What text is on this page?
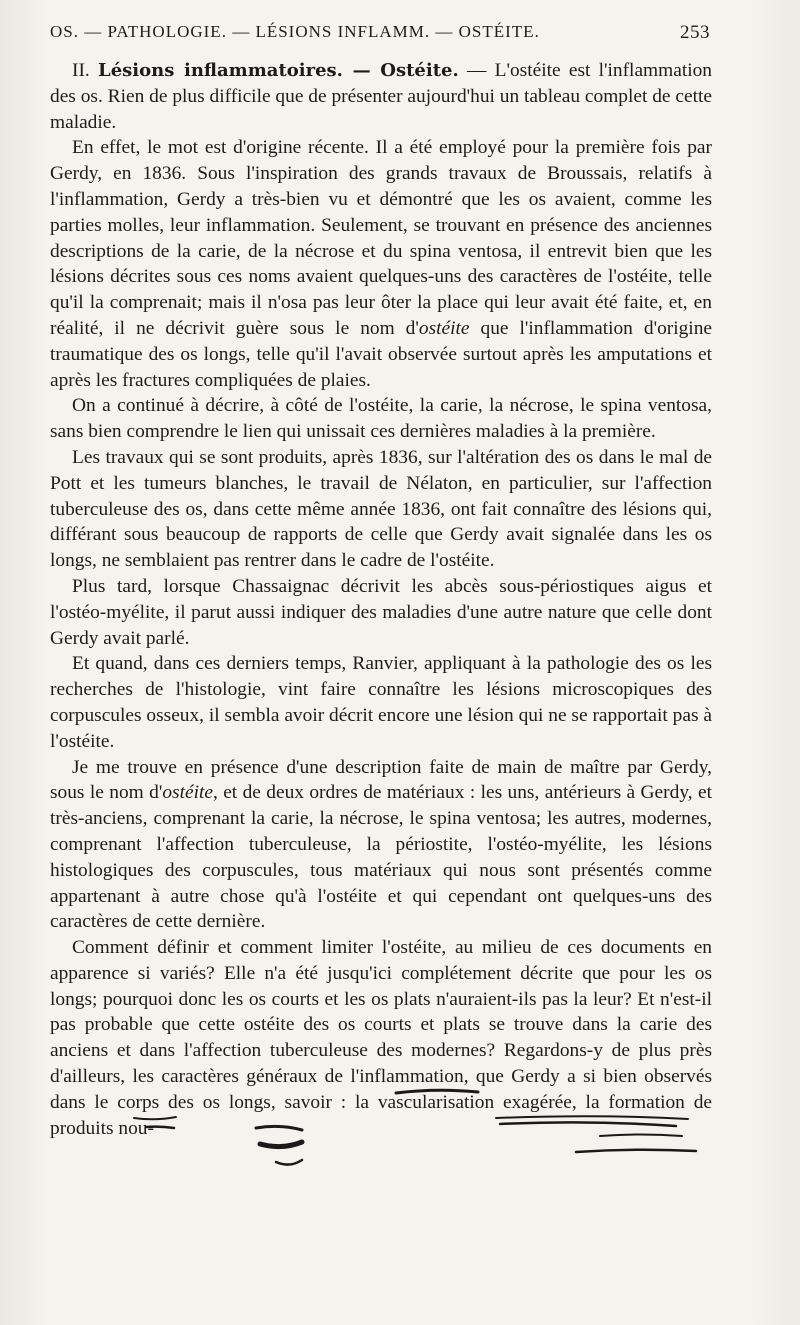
OS. — PATHOLOGIE. — LÉSIONS INFLAMM. — OSTÉITE.	253

II. Lésions inflammatoires. — Ostéite. — L'ostéite est l'inflammation des os. Rien de plus difficile que de présenter aujourd'hui un tableau complet de cette maladie.

En effet, le mot est d'origine récente. Il a été employé pour la première fois par Gerdy, en 1836. Sous l'inspiration des grands travaux de Broussais, relatifs à l'inflammation, Gerdy a très-bien vu et démontré que les os avaient, comme les parties molles, leur inflammation. Seulement, se trouvant en présence des anciennes descriptions de la carie, de la nécrose et du spina ventosa, il entrevit bien que les lésions décrites sous ces noms avaient quelques-uns des caractères de l'ostéite, telle qu'il la comprenait; mais il n'osa pas leur ôter la place qui leur avait été faite, et, en réalité, il ne décrivit guère sous le nom d'ostéite que l'inflammation d'origine traumatique des os longs, telle qu'il l'avait observée surtout après les amputations et après les fractures compliquées de plaies.

On a continué à décrire, à côté de l'ostéite, la carie, la nécrose, le spina ventosa, sans bien comprendre le lien qui unissait ces dernières maladies à la première.

Les travaux qui se sont produits, après 1836, sur l'altération des os dans le mal de Pott et les tumeurs blanches, le travail de Nélaton, en particulier, sur l'affection tuberculeuse des os, dans cette même année 1836, ont fait connaître des lésions qui, différant sous beaucoup de rapports de celle que Gerdy avait signalée dans les os longs, ne semblaient pas rentrer dans le cadre de l'ostéite.

Plus tard, lorsque Chassaignac décrivit les abcès sous-périostiques aigus et l'ostéo-myélite, il parut aussi indiquer des maladies d'une autre nature que celle dont Gerdy avait parlé.

Et quand, dans ces derniers temps, Ranvier, appliquant à la pathologie des os les recherches de l'histologie, vint faire connaître les lésions microscopiques des corpuscules osseux, il sembla avoir décrit encore une lésion qui ne se rapportait pas à l'ostéite.

Je me trouve en présence d'une description faite de main de maître par Gerdy, sous le nom d'ostéite, et de deux ordres de matériaux : les uns, antérieurs à Gerdy, et très-anciens, comprenant la carie, la nécrose, le spina ventosa; les autres, modernes, comprenant l'affection tuberculeuse, la périostite, l'ostéo-myélite, les lésions histologiques des corpuscules, tous matériaux qui nous sont présentés comme appartenant à autre chose qu'à l'ostéite et qui cependant ont quelques-uns des caractères de cette dernière.

Comment définir et comment limiter l'ostéite, au milieu de ces documents en apparence si variés? Elle n'a été jusqu'ici complétement décrite que pour les os longs; pourquoi donc les os courts et les os plats n'auraient-ils pas la leur? Et n'est-il pas probable que cette ostéite des os courts et plats se trouve dans la carie des anciens et dans l'affection tuberculeuse des modernes? Regardons-y de plus près d'ailleurs, les caractères généraux de l'inflammation, que Gerdy a si bien observés dans le corps des os longs, savoir : la vascularisation exagérée, la formation de produits nou-
